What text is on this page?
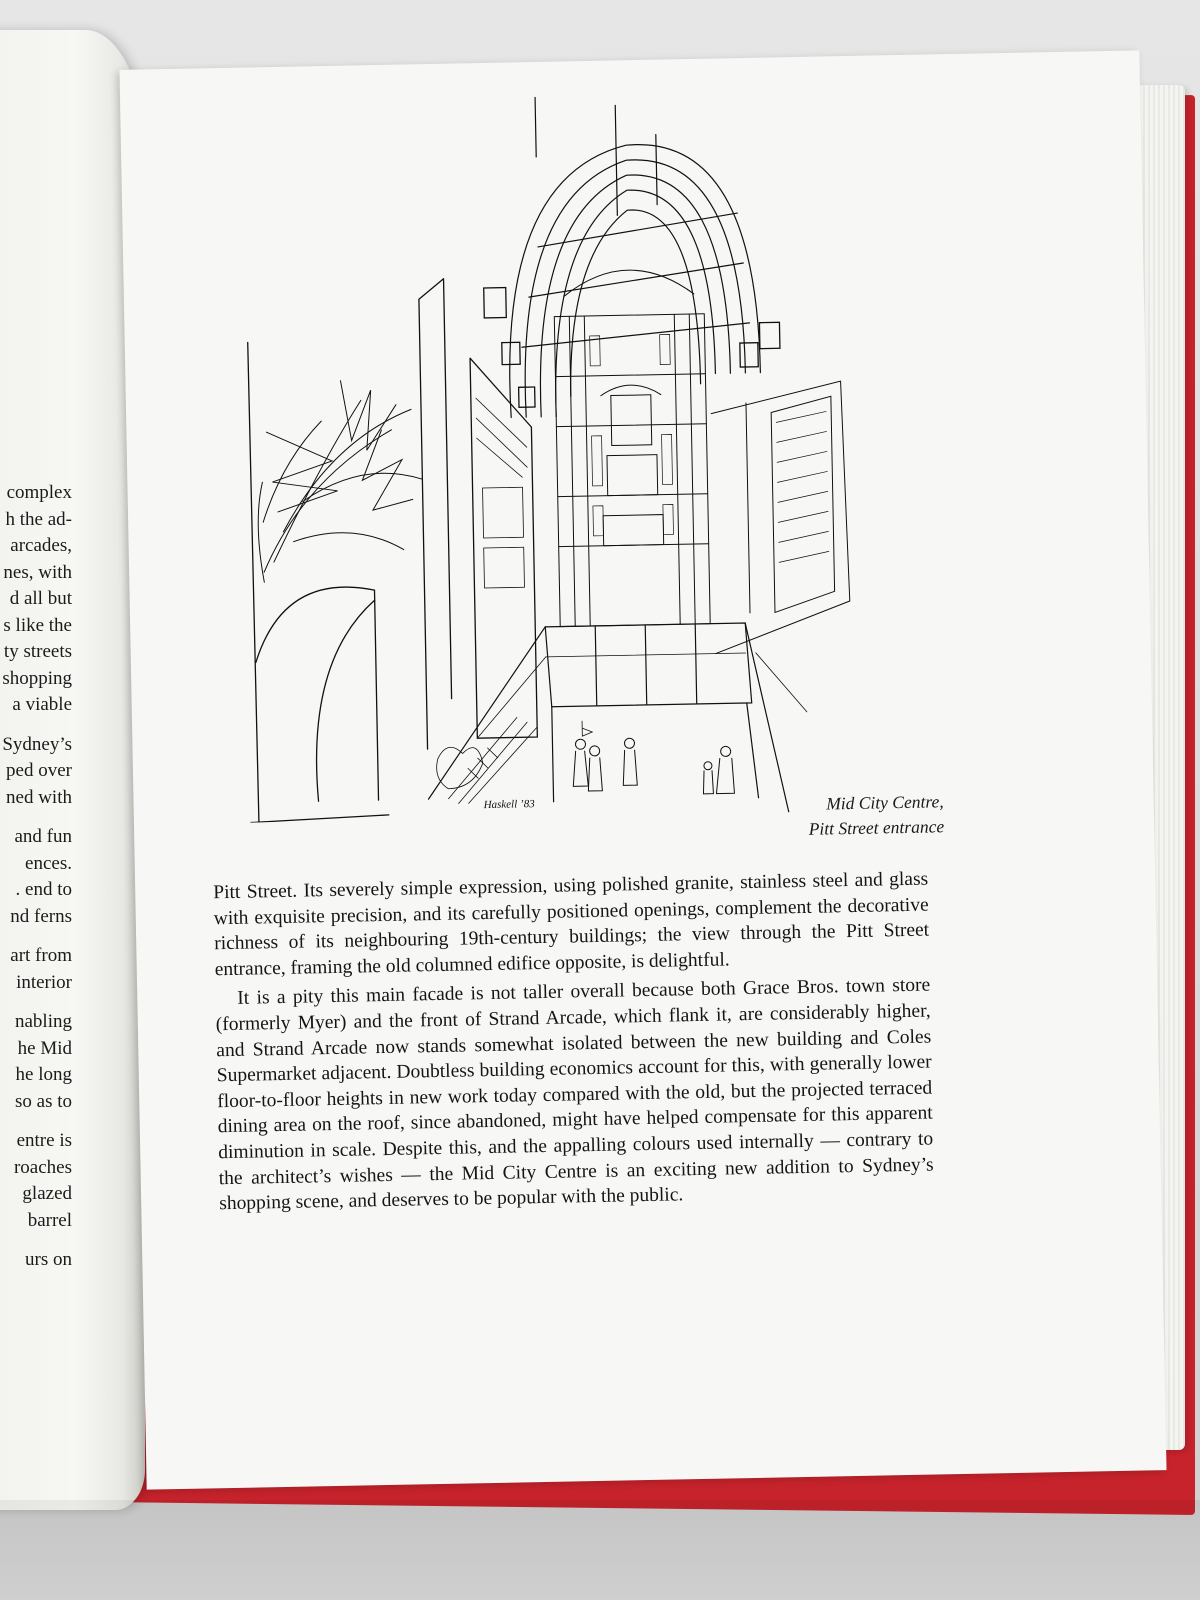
complex
h the ad-
arcades,
nes, with
d all but
s like the
ty streets
shopping
a viable
Sydney’s
ped over
ned with
and fun
ences.
. end to
nd ferns
art from
interior
nabling
he Mid
he long
so as to
entre is
roaches
glazed
barrel
urs on
Haskell ’83	Mid City Centre,
Pitt Street entrance

Pitt Street. Its severely simple expression, using polished granite, stainless steel and glass with exquisite precision, and its carefully positioned openings, complement the decorative richness of its neighbouring 19th-century buildings; the view through the Pitt Street entrance, framing the old columned edifice opposite, is delightful.

It is a pity this main facade is not taller overall because both Grace Bros. town store (formerly Myer) and the front of Strand Arcade, which flank it, are considerably higher, and Strand Arcade now stands somewhat isolated between the new building and Coles Supermarket adjacent. Doubtless building economics account for this, with generally lower floor-to-floor heights in new work today compared with the old, but the projected terraced dining area on the roof, since abandoned, might have helped compensate for this apparent diminution in scale. Despite this, and the appalling colours used internally — contrary to the architect’s wishes — the Mid City Centre is an exciting new addition to Sydney’s shopping scene, and deserves to be popular with the public.
